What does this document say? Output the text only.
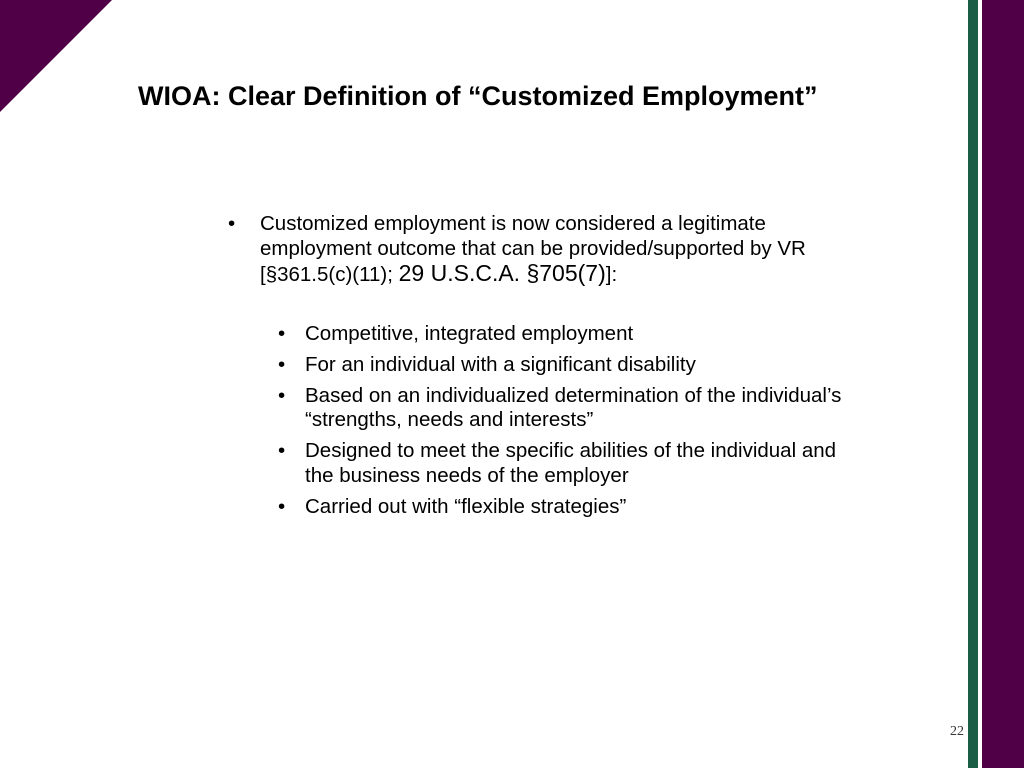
WIOA: Clear Definition of “Customized Employment”
• Customized employment is now considered a legitimate employment outcome that can be provided/supported by VR [§361.5(c)(11); 29 U.S.C.A. §705(7)]:
• Competitive, integrated employment
• For an individual with a significant disability
• Based on an individualized determination of the individual’s “strengths, needs and interests”
• Designed to meet the specific abilities of the individual and the business needs of the employer
• Carried out with “flexible strategies”
22
